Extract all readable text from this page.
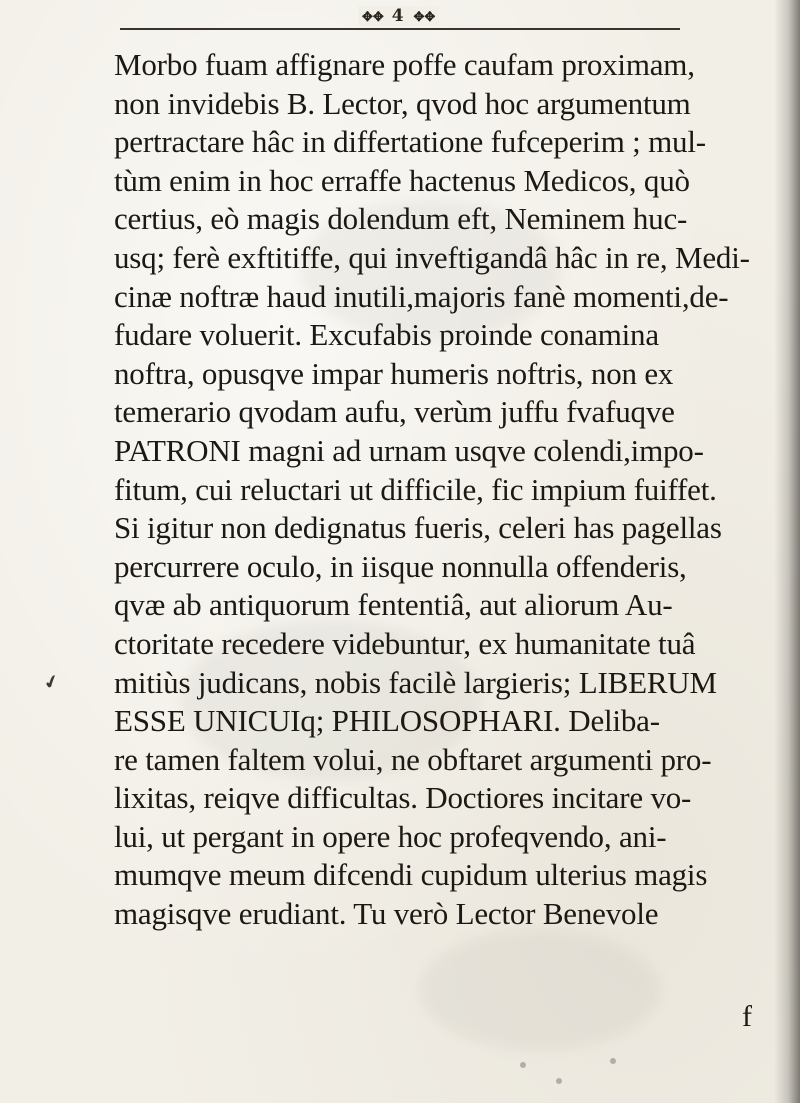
✥✥ 4 ✥✥
Morbo fuam affignare poffe caufam proximam,
non invidebis B. Lector, qvod hoc argumentum
pertractare hâc in differtatione fufceperim ; mul-
tùm enim in hoc erraffe hactenus Medicos, quò
certius, eò magis dolendum eft, Neminem huc-
usq; ferè exftitiffe, qui inveftigandâ hâc in re, Medi-
cinæ noftræ haud inutili,majoris fanè momenti,de-
fudare voluerit. Excufabis proinde conamina
noftra, opusqve impar humeris noftris, non ex
temerario qvodam aufu, verùm juffu fvafuqve
PATRONI magni ad urnam usqve colendi,impo-
fitum, cui reluctari ut difficile, fic impium fuiffet.
Si igitur non dedignatus fueris, celeri has pagellas
percurrere oculo, in iisque nonnulla offenderis,
qvæ ab antiquorum fententiâ, aut aliorum Au-
ctoritate recedere videbuntur, ex humanitate tuâ
mitiùs judicans, nobis facilè largieris; LIBERUM
ESSE UNICUIq; PHILOSOPHARI. Deliba-
re tamen faltem volui, ne obftaret argumenti pro-
lixitas, reiqve difficultas. Doctiores incitare vo-
lui, ut pergant in opere hoc profeqvendo, ani-
mumqve meum difcendi cupidum ulterius magis
magisqve erudiant. Tu verò Lector Benevole
f
✔
